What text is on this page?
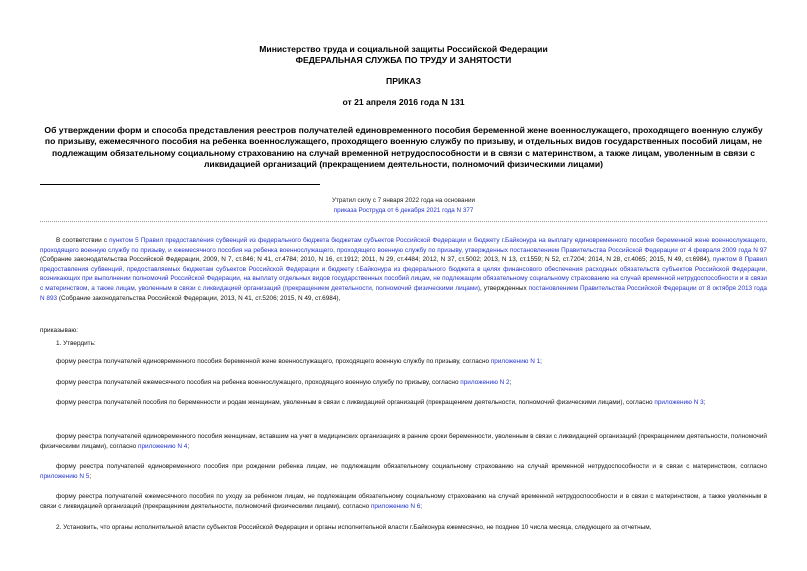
Министерство труда и социальной защиты Российской Федерации
ФЕДЕРАЛЬНАЯ СЛУЖБА ПО ТРУДУ И ЗАНЯТОСТИ
ПРИКАЗ
от 21 апреля 2016 года N 131
Об утверждении форм и способа представления реестров получателей единовременного пособия беременной жене военнослужащего, проходящего военную службу по призыву, ежемесячного пособия на ребенка военнослужащего, проходящего военную службу по призыву, и отдельных видов государственных пособий лицам, не подлежащим обязательному социальному страхованию на случай временной нетрудоспособности и в связи с материнством, а также лицам, уволенным в связи с ликвидацией организаций (прекращением деятельности, полномочий физическими лицами)
Утратил силу с 7 января 2022 года на основании
приказа Роструда от 6 декабря 2021 года N 377

В соответствии с пунктом 5 Правил предоставления субвенций из федерального бюджета бюджетам субъектов Российской Федерации и бюджету г.Байконура на выплату единовременного пособия беременной жене военнослужащего, проходящего военную службу по призыву, и ежемесячного пособия на ребенка военнослужащего, проходящего военную службу по призыву, утвержденных постановлением Правительства Российской Федерации от 4 февраля 2009 года N 97 (Собрание законодательства Российской Федерации, 2009, N 7, ст.846; N 41, ст.4784; 2010, N 16, ст.1912; 2011, N 29, ст.4484; 2012, N 37, ст.5002; 2013, N 13, ст.1559; N 52, ст.7204; 2014, N 28, ст.4065; 2015, N 49, ст.6984), пунктом 8 Правил предоставления субвенций, предоставляемых бюджетам субъектов Российской Федерации и бюджету г.Байконура из федерального бюджета в целях финансового обеспечения расходных обязательств субъектов Российской Федерации, возникающих при выполнении полномочий Российской Федерации, на выплату отдельных видов государственных пособий лицам, не подлежащим обязательному социальному страхованию на случай временной нетрудоспособности и в связи с материнством, а также лицам, уволенным в связи с ликвидацией организаций (прекращением деятельности, полномочий физическими лицами), утвержденных постановлением Правительства Российской Федерации от 8 октября 2013 года N 893 (Собрание законодательства Российской Федерации, 2013, N 41, ст.5206; 2015, N 49, ст.6984),

приказываю:

1. Утвердить:

форму реестра получателей единовременного пособия беременной жене военнослужащего, проходящего военную службу по призыву, согласно приложению N 1;

форму реестра получателей ежемесячного пособия на ребенка военнослужащего, проходящего военную службу по призыву, согласно приложению N 2;

форму реестра получателей пособия по беременности и родам женщинам, уволенным в связи с ликвидацией организаций (прекращением деятельности, полномочий физическими лицами), согласно приложению N 3;

форму реестра получателей единовременного пособия женщинам, вставшим на учет в медицинских организациях в ранние сроки беременности, уволенным в связи с ликвидацией организаций (прекращением деятельности, полномочий физическими лицами), согласно приложению N 4;

форму реестра получателей единовременного пособия при рождении ребенка лицам, не подлежащим обязательному социальному страхованию на случай временной нетрудоспособности и в связи с материнством, согласно приложению N 5;

форму реестра получателей ежемесячного пособия по уходу за ребенком лицам, не подлежащим обязательному социальному страхованию на случай временной нетрудоспособности и в связи с материнством, а также уволенным в связи с ликвидацией организаций (прекращением деятельности, полномочий физическими лицами), согласно приложению N 6;

2. Установить, что органы исполнительной власти субъектов Российской Федерации и органы исполнительной власти г.Байконура ежемесячно, не позднее 10 числа месяца, следующего за отчетным,
